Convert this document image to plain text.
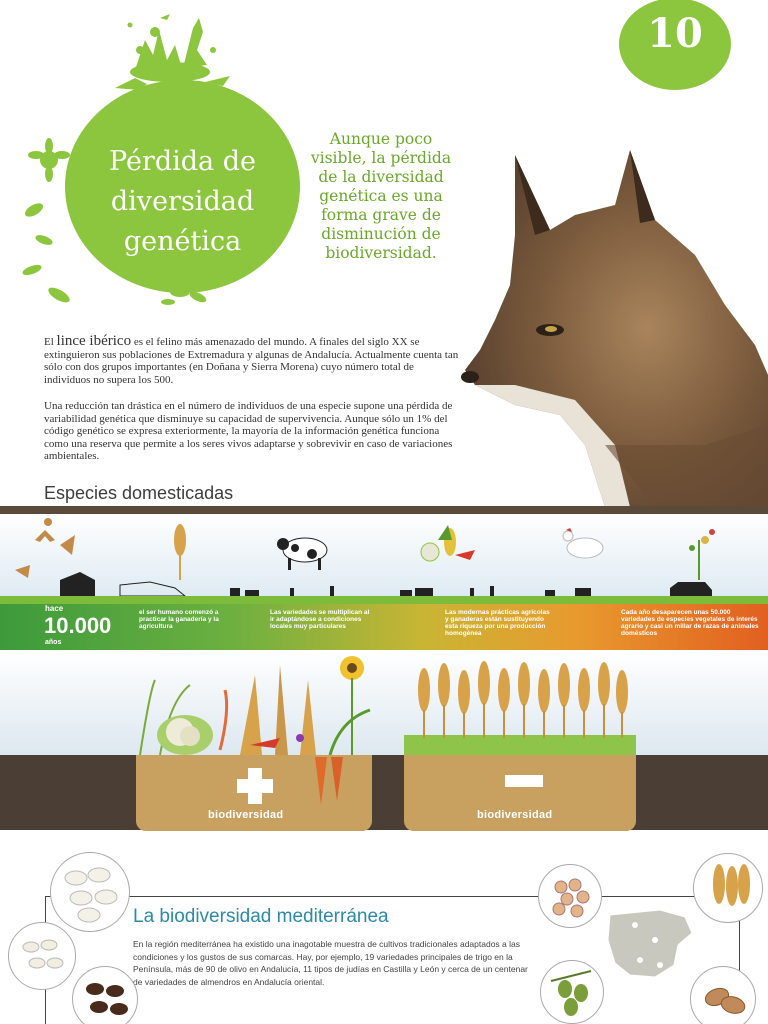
10
Pérdida de
diversidad
genética
Aunque poco visible, la pérdida de la diversidad genética es una forma grave de disminución de biodiversidad.
El lince ibérico es el felino más amenazado del mundo. A finales del siglo XX se extinguieron sus poblaciones de Extremadura y algunas de Andalucía. Actualmente cuenta tan sólo con dos grupos importantes (en Doñana y Sierra Morena) cuyo número total de individuos no supera los 500.
Una reducción tan drástica en el número de individuos de una especie supone una pérdida de variabilidad genética que disminuye su capacidad de supervivencia. Aunque sólo un 1% del código genético se expresa exteriormente, la mayoría de la información genética funciona como una reserva que permite a los seres vivos adaptarse y sobrevivir en caso de variaciones ambientales.
Especies domesticadas
hace
10.000
años
el ser humano comenzó a practicar la ganadería y la agricultura
Las variedades se multiplican al ir adaptándose a condiciones locales muy particulares
Las modernas prácticas agrícolas y ganaderas están sustituyendo esta riqueza por una producción homogénea
Cada año desaparecen unas 50.000 variedades de especies vegetales de interés agrario y casi un millar de razas de animales domésticos
biodiversidad	biodiversidad
La biodiversidad mediterránea
En la región mediterránea ha existido una inagotable muestra de cultivos tradicionales adaptados a las condiciones y los gustos de sus comarcas. Hay, por ejemplo, 19 variedades principales de trigo en la Península, más de 90 de olivo en Andalucía, 11 tipos de judías en Castilla y León y cerca de un centenar de variedades de almendros en Andalucía oriental.
